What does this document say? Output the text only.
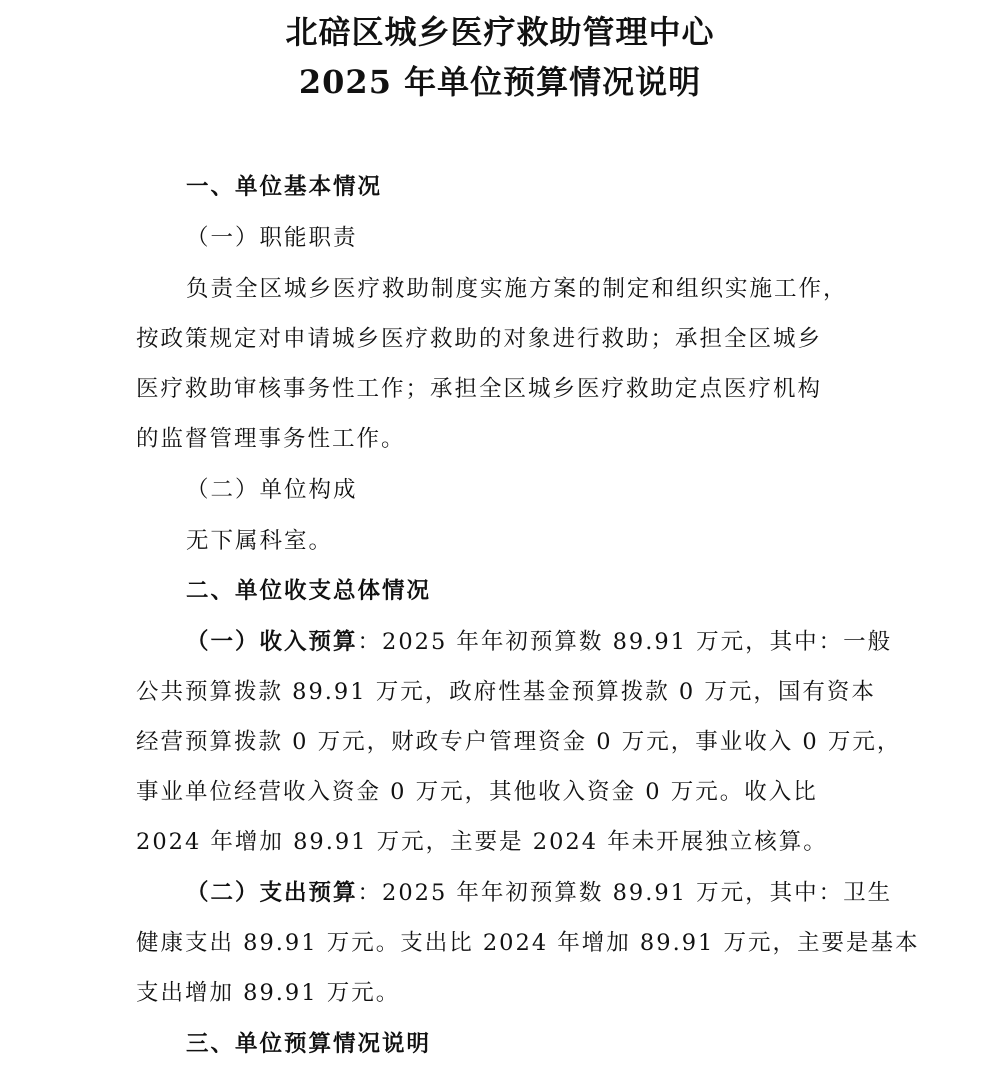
北碚区城乡医疗救助管理中心
2025 年单位预算情况说明
一、单位基本情况
（一）职能职责
负责全区城乡医疗救助制度实施方案的制定和组织实施工作，
按政策规定对申请城乡医疗救助的对象进行救助；承担全区城乡
医疗救助审核事务性工作；承担全区城乡医疗救助定点医疗机构
的监督管理事务性工作。
（二）单位构成
无下属科室。
二、单位收支总体情况
（一）收入预算：2025 年年初预算数 89.91 万元，其中：一般
公共预算拨款 89.91 万元，政府性基金预算拨款 0 万元，国有资本
经营预算拨款 0 万元，财政专户管理资金 0 万元，事业收入 0 万元，
事业单位经营收入资金 0 万元，其他收入资金 0 万元。收入比
2024 年增加 89.91 万元，主要是 2024 年未开展独立核算。
（二）支出预算：2025 年年初预算数 89.91 万元，其中：卫生
健康支出 89.91 万元。支出比 2024 年增加 89.91 万元，主要是基本
支出增加 89.91 万元。
三、单位预算情况说明
